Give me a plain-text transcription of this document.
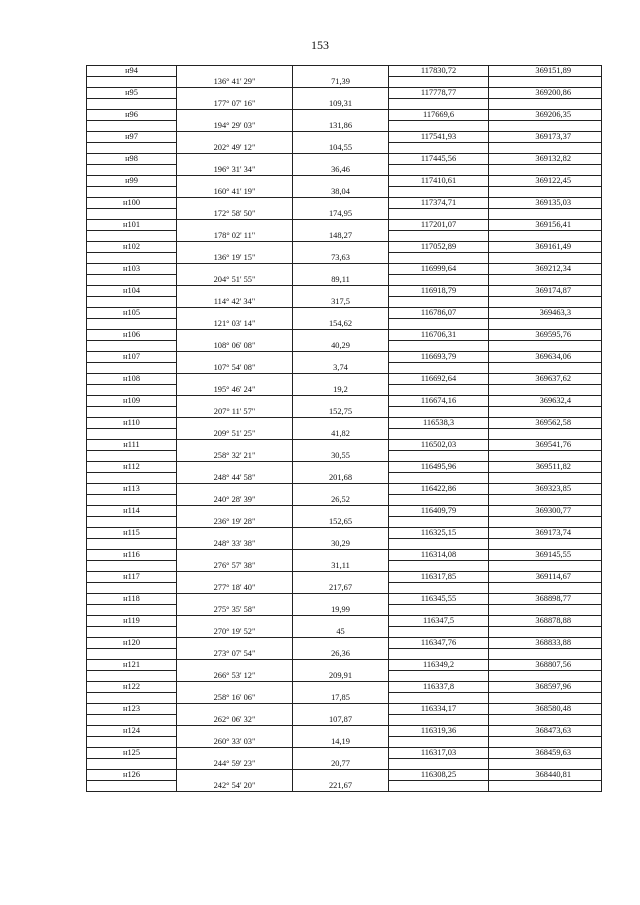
153
н94			117830,72	369151,89
	136° 41' 29"	71,39		
н95			117778,77	369200,86
	177° 07' 16"	109,31		
н96			117669,6	369206,35
	194° 29' 03"	131,86		
н97			117541,93	369173,37
	202° 49' 12"	104,55		
н98			117445,56	369132,82
	196° 31' 34"	36,46		
н99			117410,61	369122,45
	160° 41' 19"	38,04		
н100			117374,71	369135,03
	172° 58' 50"	174,95		
н101			117201,07	369156,41
	178° 02' 11"	148,27		
н102			117052,89	369161,49
	136° 19' 15"	73,63		
н103			116999,64	369212,34
	204° 51' 55"	89,11		
н104			116918,79	369174,87
	114° 42' 34"	317,5		
н105			116786,07	369463,3
	121° 03' 14"	154,62		
н106			116706,31	369595,76
	108° 06' 08"	40,29		
н107			116693,79	369634,06
	107° 54' 08"	3,74		
н108			116692,64	369637,62
	195° 46' 24"	19,2		
н109			116674,16	369632,4
	207° 11' 57"	152,75		
н110			116538,3	369562,58
	209° 51' 25"	41,82		
н111			116502,03	369541,76
	258° 32' 21"	30,55		
н112			116495,96	369511,82
	248° 44' 58"	201,68		
н113			116422,86	369323,85
	240° 28' 39"	26,52		
н114			116409,79	369300,77
	236° 19' 28"	152,65		
н115			116325,15	369173,74
	248° 33' 38"	30,29		
н116			116314,08	369145,55
	276° 57' 38"	31,11		
н117			116317,85	369114,67
	277° 18' 40"	217,67		
н118			116345,55	368898,77
	275° 35' 58"	19,99		
н119			116347,5	368878,88
	270° 19' 52"	45		
н120			116347,76	368833,88
	273° 07' 54"	26,36		
н121			116349,2	368807,56
	266° 53' 12"	209,91		
н122			116337,8	368597,96
	258° 16' 06"	17,85		
н123			116334,17	368580,48
	262° 06' 32"	107,87		
н124			116319,36	368473,63
	260° 33' 03"	14,19		
н125			116317,03	368459,63
	244° 59' 23"	20,77		
н126			116308,25	368440,81
	242° 54' 20"	221,67		
